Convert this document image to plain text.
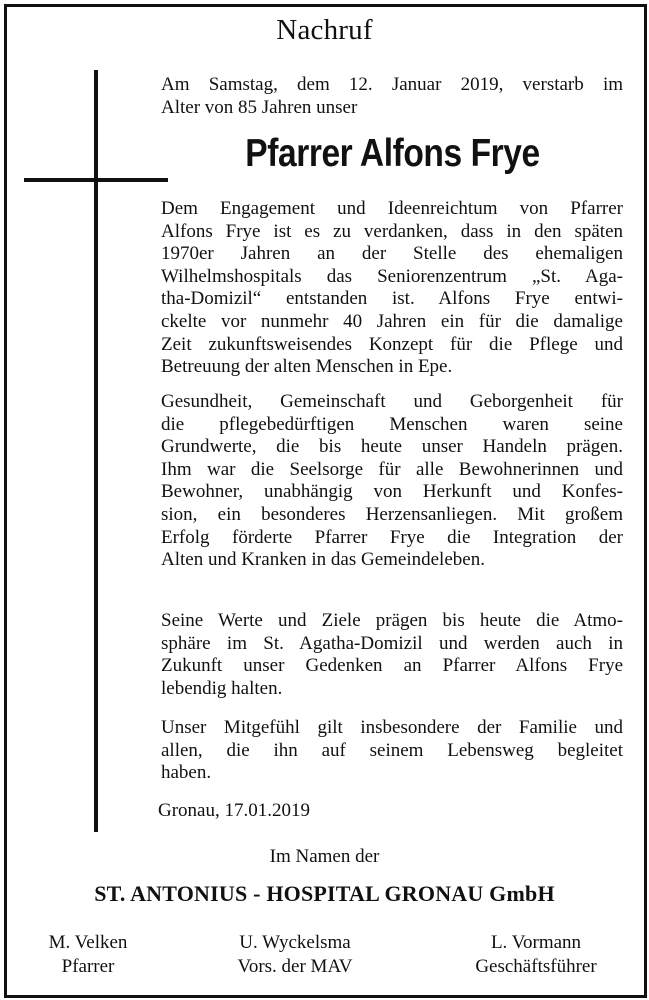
Nachruf
Am Samstag, dem 12. Januar 2019, verstarb im
Alter von 85 Jahren unser
Pfarrer Alfons Frye
Dem Engagement und Ideenreichtum von Pfarrer
Alfons Frye ist es zu verdanken, dass in den späten
1970er Jahren an der Stelle des ehemaligen
Wilhelmshospitals das Seniorenzentrum „St. Aga-
tha-Domizil“ entstanden ist. Alfons Frye entwi-
ckelte vor nunmehr 40 Jahren ein für die damalige
Zeit zukunftsweisendes Konzept für die Pflege und
Betreuung der alten Menschen in Epe.
Gesundheit, Gemeinschaft und Geborgenheit für
die pflegebedürftigen Menschen waren seine
Grundwerte, die bis heute unser Handeln prägen.
Ihm war die Seelsorge für alle Bewohnerinnen und
Bewohner, unabhängig von Herkunft und Konfes-
sion, ein besonderes Herzensanliegen. Mit großem
Erfolg förderte Pfarrer Frye die Integration der
Alten und Kranken in das Gemeindeleben.
Seine Werte und Ziele prägen bis heute die Atmo-
sphäre im St. Agatha-Domizil und werden auch in
Zukunft unser Gedenken an Pfarrer Alfons Frye
lebendig halten.
Unser Mitgefühl gilt insbesondere der Familie und
allen, die ihn auf seinem Lebensweg begleitet
haben.
Gronau, 17.01.2019
Im Namen der
ST. ANTONIUS - HOSPITAL GRONAU GmbH
M. Velken
Pfarrer
U. Wyckelsma
Vors. der MAV
L. Vormann
Geschäftsführer
